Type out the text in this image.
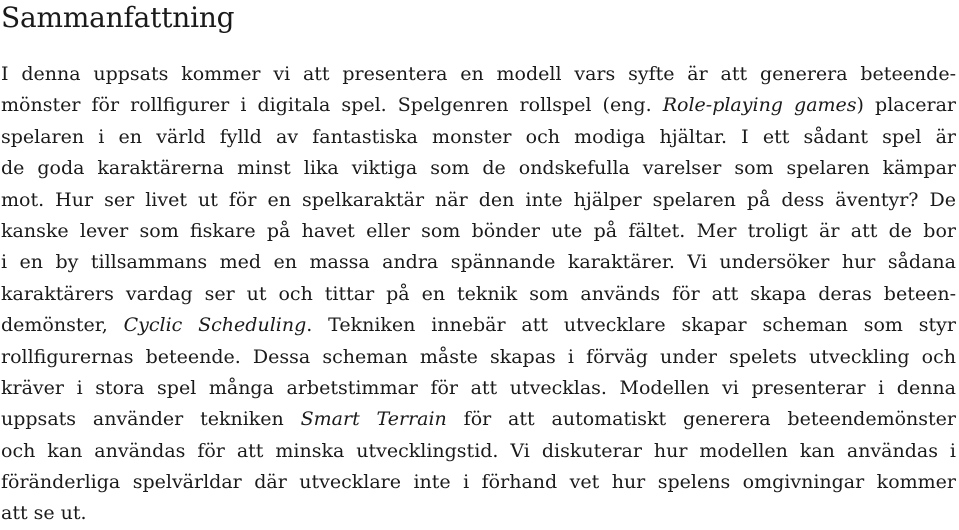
Sammanfattning
I denna uppsats kommer vi att presentera en modell vars syfte är att generera beteende-
mönster för rollfigurer i digitala spel. Spelgenren rollspel (eng. Role-playing games) placerar
spelaren i en värld fylld av fantastiska monster och modiga hjältar. I ett sådant spel är
de goda karaktärerna minst lika viktiga som de ondskefulla varelser som spelaren kämpar
mot. Hur ser livet ut för en spelkaraktär när den inte hjälper spelaren på dess äventyr? De
kanske lever som fiskare på havet eller som bönder ute på fältet. Mer troligt är att de bor
i en by tillsammans med en massa andra spännande karaktärer. Vi undersöker hur sådana
karaktärers vardag ser ut och tittar på en teknik som används för att skapa deras beteen-
demönster, Cyclic Scheduling. Tekniken innebär att utvecklare skapar scheman som styr
rollfigurernas beteende. Dessa scheman måste skapas i förväg under spelets utveckling och
kräver i stora spel många arbetstimmar för att utvecklas. Modellen vi presenterar i denna
uppsats använder tekniken Smart Terrain för att automatiskt generera beteendemönster
och kan användas för att minska utvecklingstid. Vi diskuterar hur modellen kan användas i
föränderliga spelvärldar där utvecklare inte i förhand vet hur spelens omgivningar kommer
att se ut.
